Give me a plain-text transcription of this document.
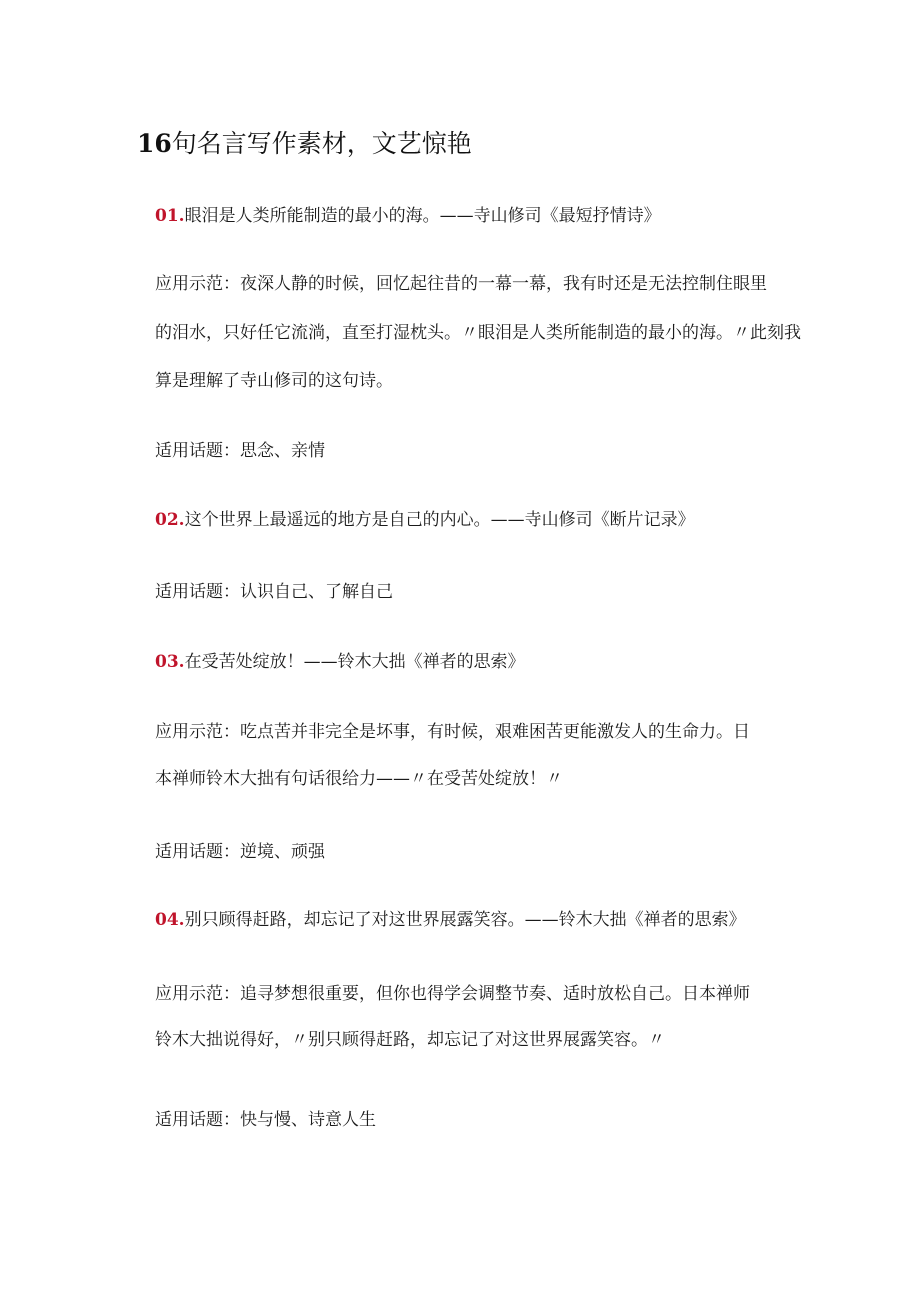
16句名言写作素材，文艺惊艳

01.眼泪是人类所能制造的最小的海。——寺山修司《最短抒情诗》

应用示范：夜深人静的时候，回忆起往昔的一幕一幕，我有时还是无法控制住眼里

的泪水，只好任它流淌，直至打湿枕头。〃眼泪是人类所能制造的最小的海。〃此刻我

算是理解了寺山修司的这句诗。

适用话题：思念、亲情

02.这个世界上最遥远的地方是自己的内心。——寺山修司《断片记录》

适用话题：认识自己、了解自己

03.在受苦处绽放！——铃木大拙《禅者的思索》

应用示范：吃点苦并非完全是坏事，有时候，艰难困苦更能激发人的生命力。日

本禅师铃木大拙有句话很给力——〃在受苦处绽放！〃

适用话题：逆境、顽强

04.别只顾得赶路，却忘记了对这世界展露笑容。——铃木大拙《禅者的思索》

应用示范：追寻梦想很重要，但你也得学会调整节奏、适时放松自己。日本禅师

铃木大拙说得好，〃别只顾得赶路，却忘记了对这世界展露笑容。〃

适用话题：快与慢、诗意人生
